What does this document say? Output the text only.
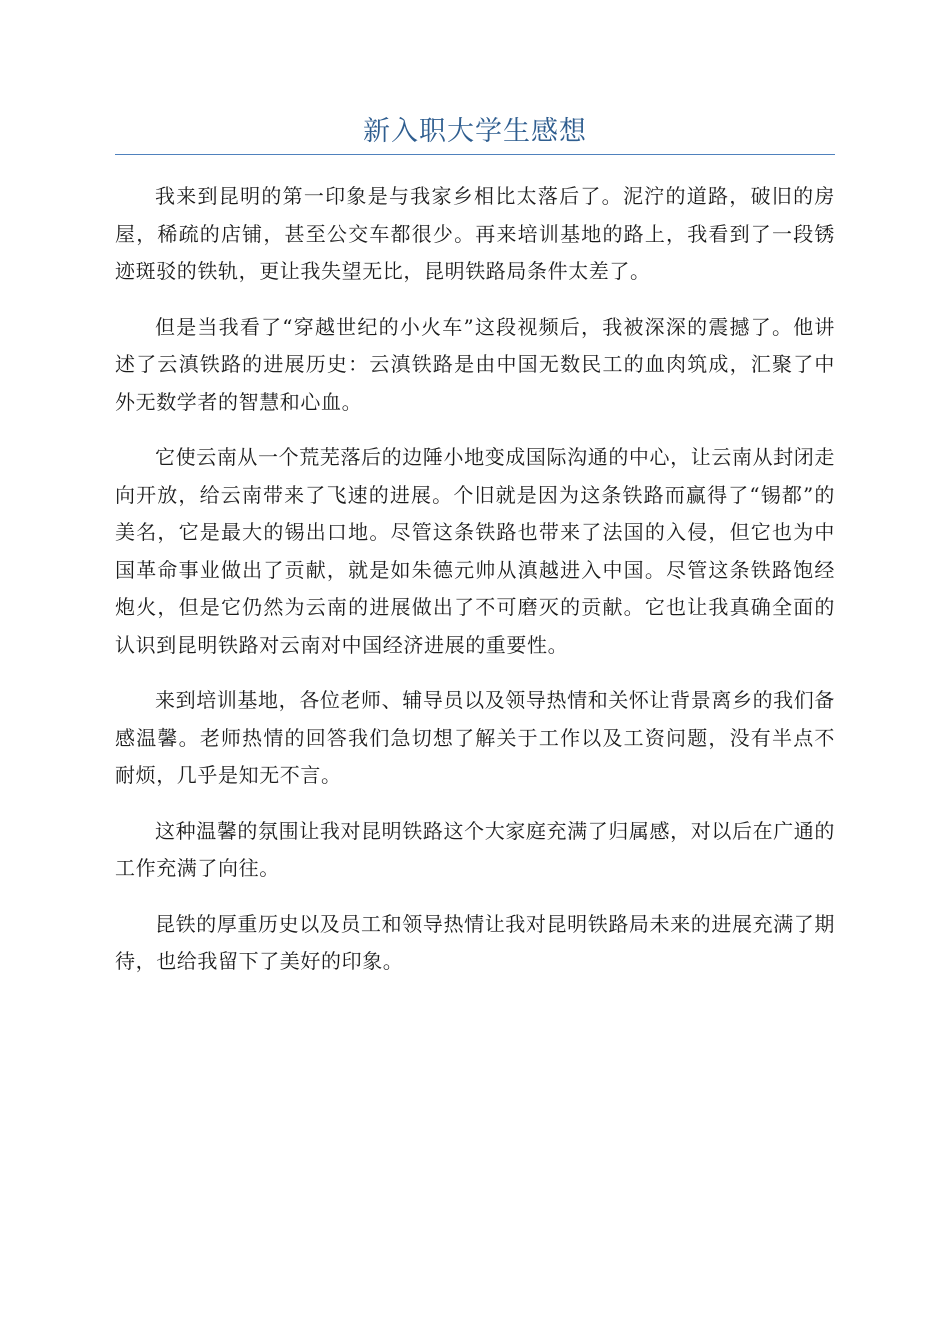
新入职大学生感想

我来到昆明的第一印象是与我家乡相比太落后了。泥泞的道路，破旧的房屋，稀疏的店铺，甚至公交车都很少。再来培训基地的路上，我看到了一段锈迹斑驳的铁轨，更让我失望无比，昆明铁路局条件太差了。

但是当我看了“穿越世纪的小火车”这段视频后，我被深深的震撼了。他讲述了云滇铁路的进展历史：云滇铁路是由中国无数民工的血肉筑成，汇聚了中外无数学者的智慧和心血。

它使云南从一个荒芜落后的边陲小地变成国际沟通的中心，让云南从封闭走向开放，给云南带来了飞速的进展。个旧就是因为这条铁路而赢得了“锡都”的美名，它是最大的锡出口地。尽管这条铁路也带来了法国的入侵，但它也为中国革命事业做出了贡献，就是如朱德元帅从滇越进入中国。尽管这条铁路饱经炮火，但是它仍然为云南的进展做出了不可磨灭的贡献。它也让我真确全面的认识到昆明铁路对云南对中国经济进展的重要性。

来到培训基地，各位老师、辅导员以及领导热情和关怀让背景离乡的我们备感温馨。老师热情的回答我们急切想了解关于工作以及工资问题，没有半点不耐烦，几乎是知无不言。

这种温馨的氛围让我对昆明铁路这个大家庭充满了归属感，对以后在广通的工作充满了向往。

昆铁的厚重历史以及员工和领导热情让我对昆明铁路局未来的进展充满了期待，也给我留下了美好的印象。
